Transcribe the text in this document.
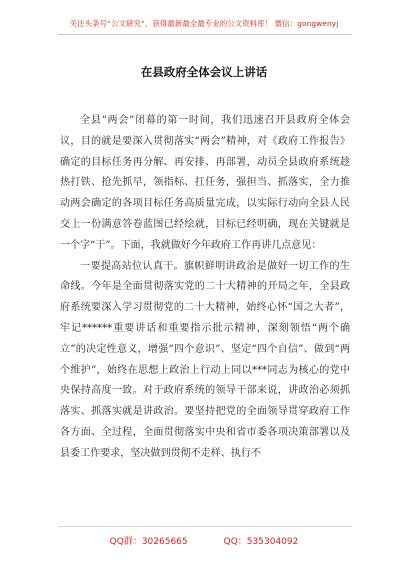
关注头条号“公文研究”，获得最新最全最专业的公文资料库！ 微信：gongwenyj
在县政府全体会议上讲话

全县“两会”闭幕的第一时间，我们迅速召开县政府全体会议，目的就是要深入贯彻落实“两会”精神，对《政府工作报告》确定的目标任务再分解、再安排、再部署，动员全县政府系统趁热打铁、抢先抓早，领指标、扛任务，强担当、抓落实，全力推动两会确定的各项目标任务高质量完成，以实际行动向全县人民交上一份满意答卷蓝图已经绘就，目标已经明确，现在关键就是一个字“干”。下面，我就做好今年政府工作再讲几点意见：

一要提高站位认真干。旗帜鲜明讲政治是做好一切工作的生命线。今年是全面贯彻落实党的二十大精神的开局之年，全县政府系统要深入学习贯彻党的二十大精神，始终心怀“国之大者”，牢记******重要讲话和重要指示批示精神，深刻领悟“两个确立”的决定性意义，增强“四个意识”、坚定“四个自信”、做到“两个维护”，始终在思想上政治上行动上同以***同志为核心的党中央保持高度一致。对于政府系统的领导干部来说，讲政治必须抓落实、抓落实就是讲政治。要坚持把党的全面领导贯穿政府工作各方面、全过程，全面贯彻落实中央和省市委各项决策部署以及县委工作要求，坚决做到贯彻不走样、执行不

QQ群：30265665	QQ：535304092
